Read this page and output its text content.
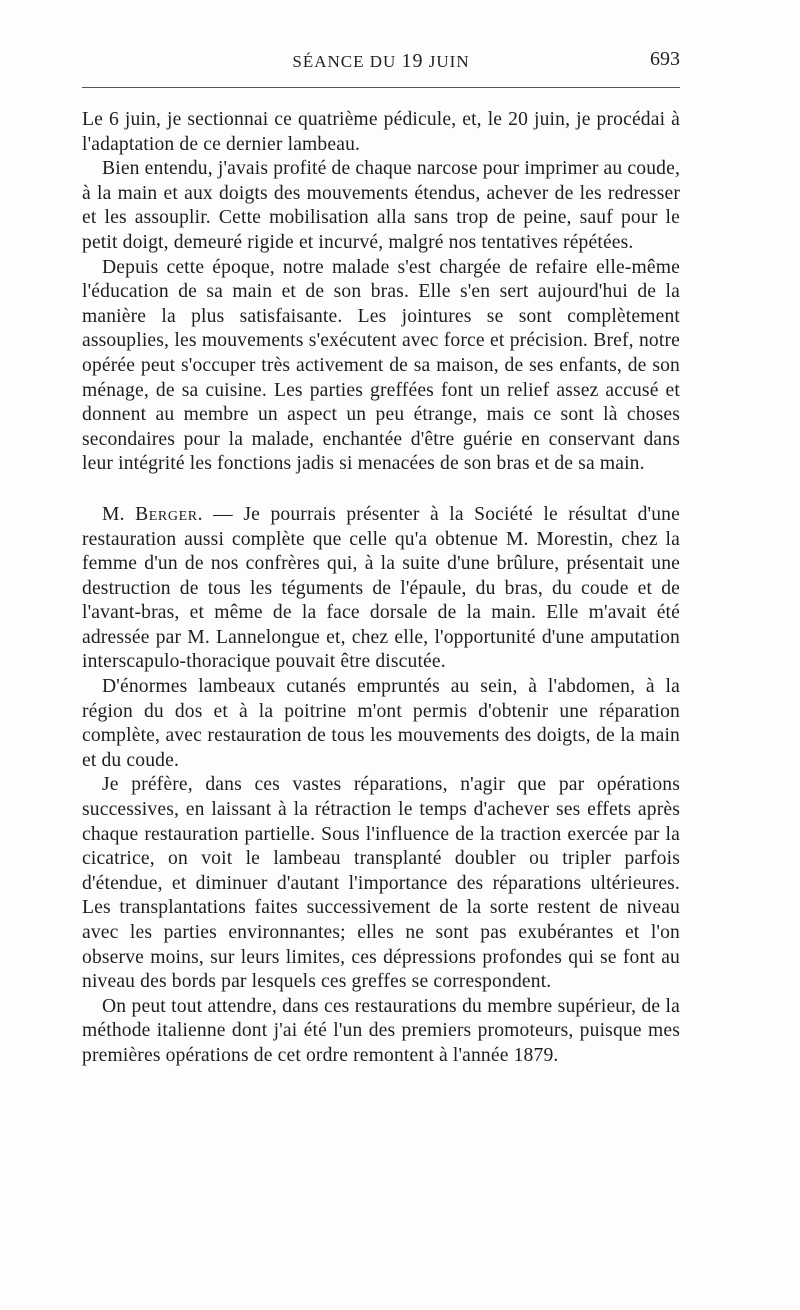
SÉANCE DU 19 JUIN	693

Le 6 juin, je sectionnai ce quatrième pédicule, et, le 20 juin, je procédai à l'adaptation de ce dernier lambeau.

Bien entendu, j'avais profité de chaque narcose pour imprimer au coude, à la main et aux doigts des mouvements étendus, achever de les redresser et les assouplir. Cette mobilisation alla sans trop de peine, sauf pour le petit doigt, demeuré rigide et incurvé, malgré nos tentatives répétées.

Depuis cette époque, notre malade s'est chargée de refaire elle-même l'éducation de sa main et de son bras. Elle s'en sert aujourd'hui de la manière la plus satisfaisante. Les jointures se sont complètement assouplies, les mouvements s'exécutent avec force et précision. Bref, notre opérée peut s'occuper très activement de sa maison, de ses enfants, de son ménage, de sa cuisine. Les parties greffées font un relief assez accusé et donnent au membre un aspect un peu étrange, mais ce sont là choses secondaires pour la malade, enchantée d'être guérie en conservant dans leur intégrité les fonctions jadis si menacées de son bras et de sa main.

M. Berger. — Je pourrais présenter à la Société le résultat d'une restauration aussi complète que celle qu'a obtenue M. Morestin, chez la femme d'un de nos confrères qui, à la suite d'une brûlure, présentait une destruction de tous les téguments de l'épaule, du bras, du coude et de l'avant-bras, et même de la face dorsale de la main. Elle m'avait été adressée par M. Lannelongue et, chez elle, l'opportunité d'une amputation interscapulo-thoracique pouvait être discutée.

D'énormes lambeaux cutanés empruntés au sein, à l'abdomen, à la région du dos et à la poitrine m'ont permis d'obtenir une réparation complète, avec restauration de tous les mouvements des doigts, de la main et du coude.

Je préfère, dans ces vastes réparations, n'agir que par opérations successives, en laissant à la rétraction le temps d'achever ses effets après chaque restauration partielle. Sous l'influence de la traction exercée par la cicatrice, on voit le lambeau transplanté doubler ou tripler parfois d'étendue, et diminuer d'autant l'importance des réparations ultérieures. Les transplantations faites successivement de la sorte restent de niveau avec les parties environnantes; elles ne sont pas exubérantes et l'on observe moins, sur leurs limites, ces dépressions profondes qui se font au niveau des bords par lesquels ces greffes se correspondent.

On peut tout attendre, dans ces restaurations du membre supérieur, de la méthode italienne dont j'ai été l'un des premiers promoteurs, puisque mes premières opérations de cet ordre remontent à l'année 1879.
